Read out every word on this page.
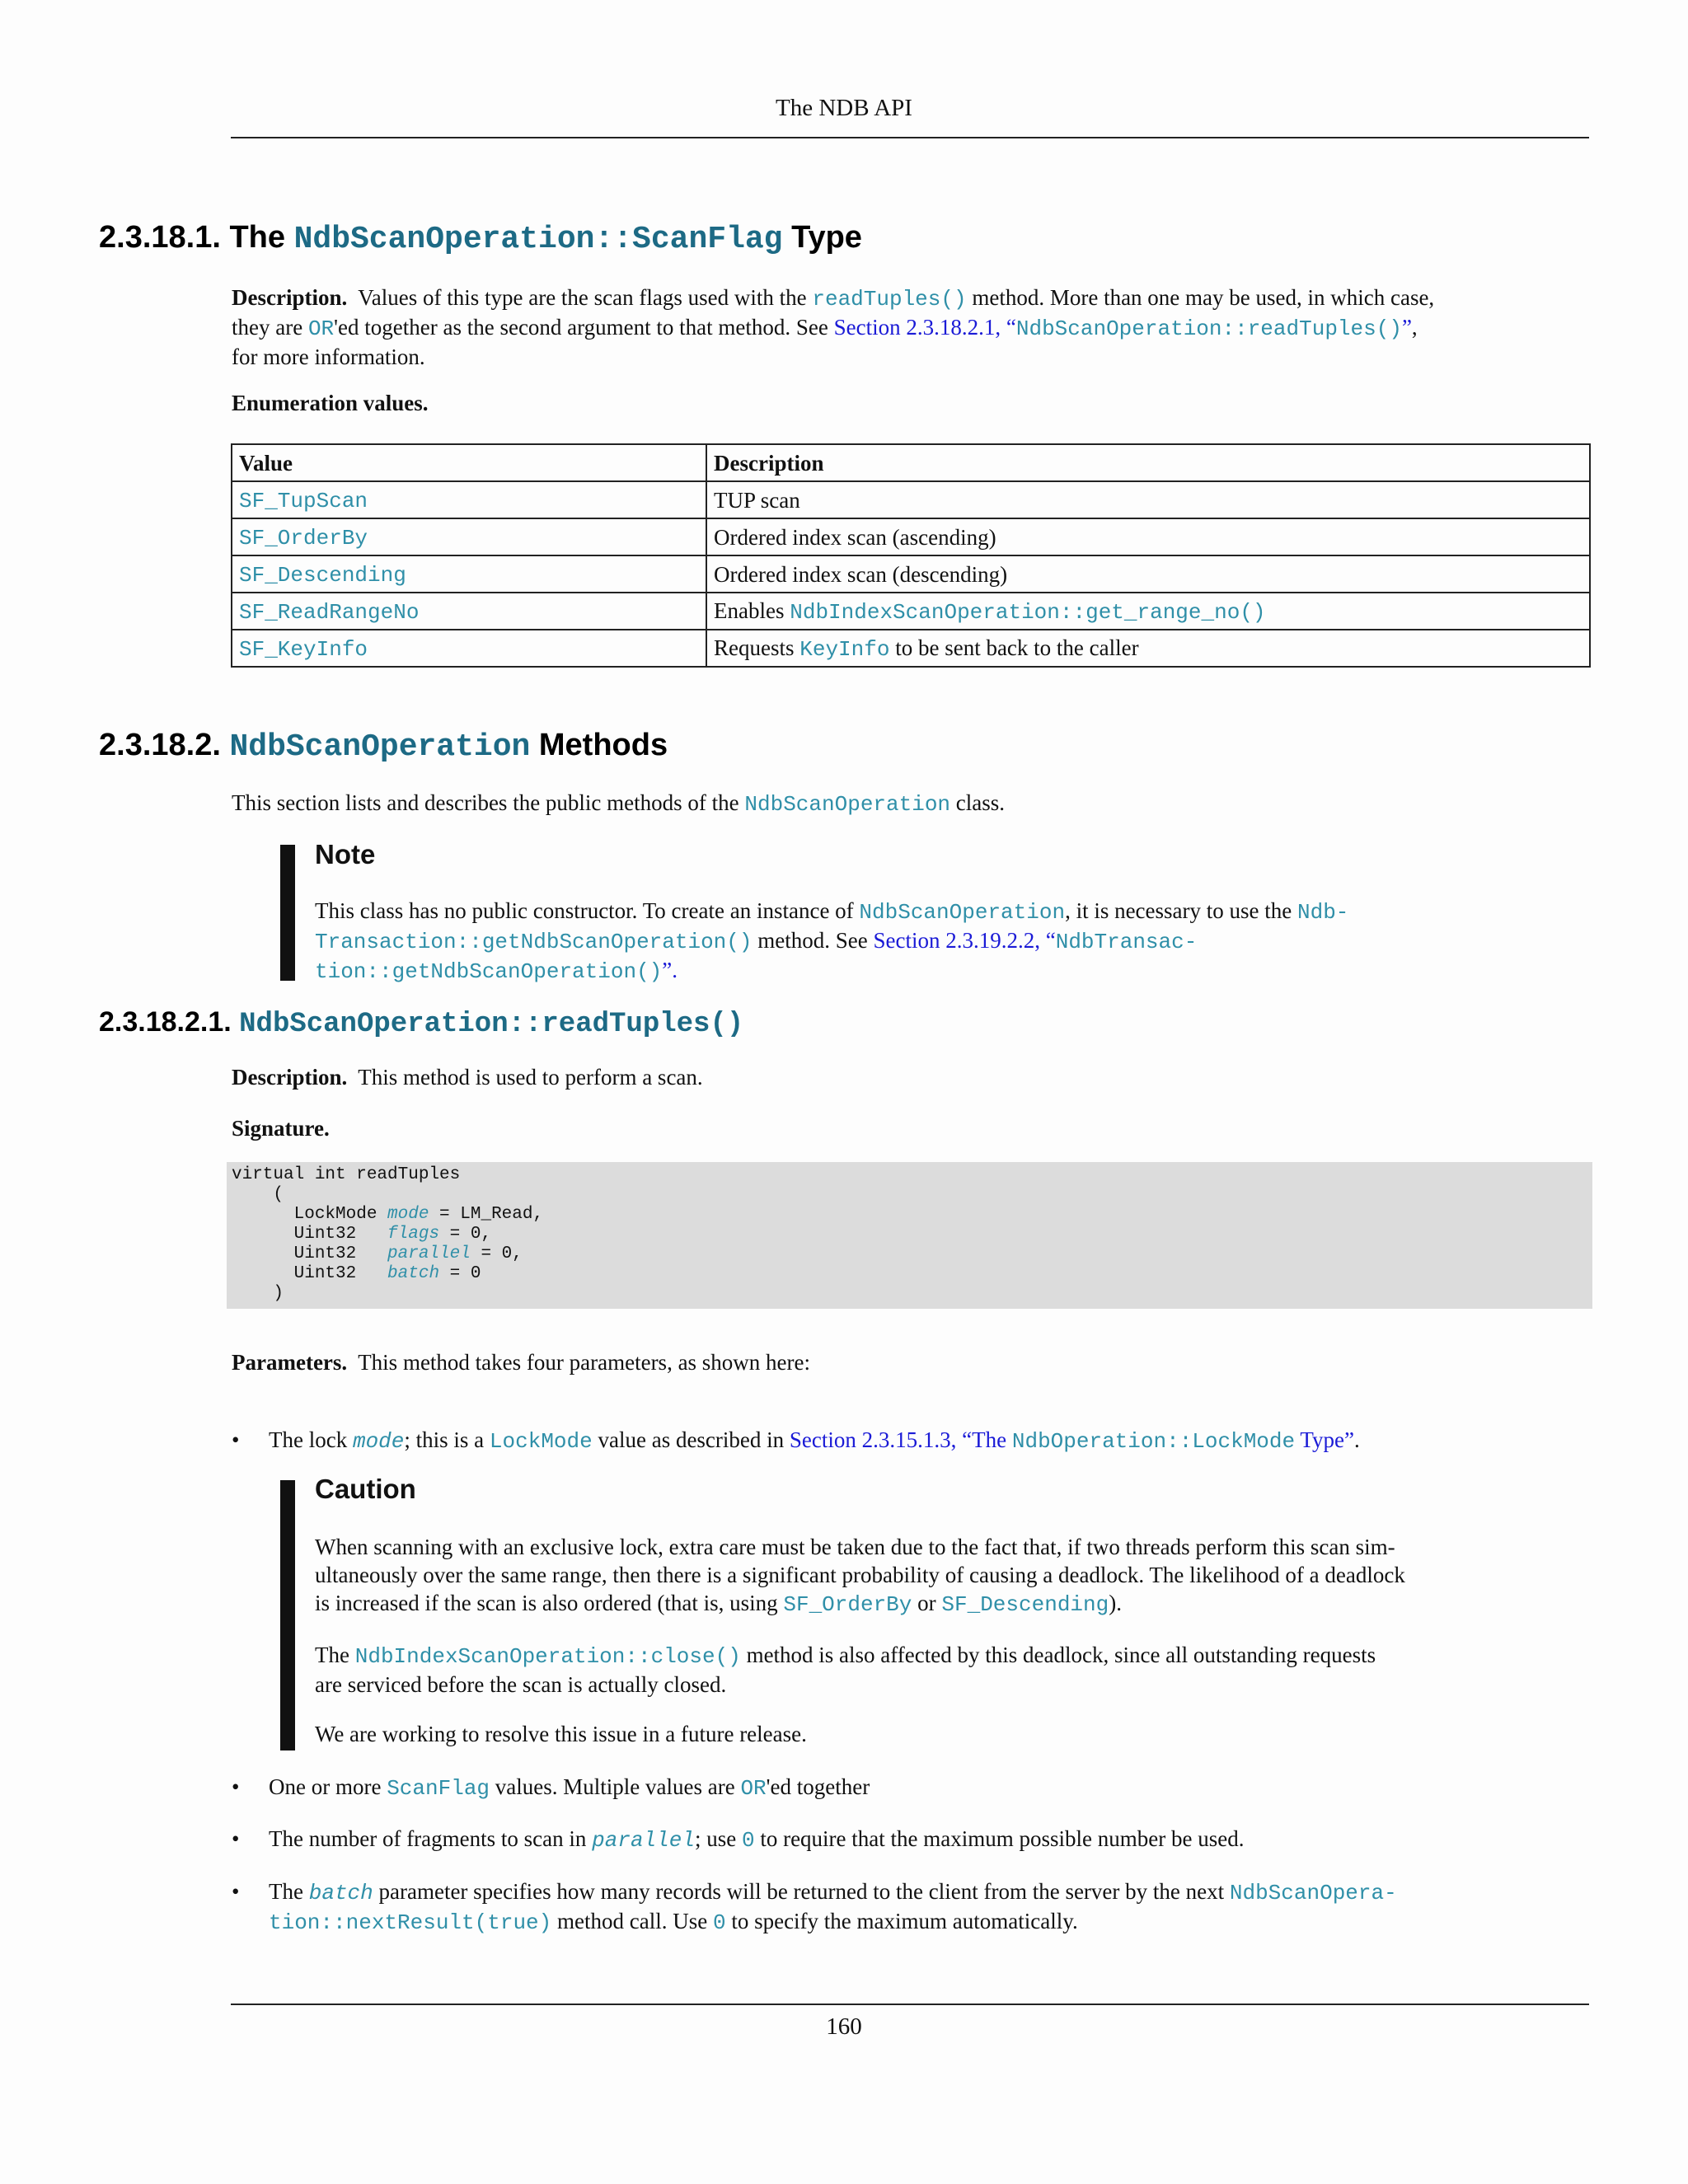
The NDB API
2.3.18.1. The NdbScanOperation::ScanFlag Type
Description. Values of this type are the scan flags used with the readTuples() method. More than one may be used, in which case,
they are OR'ed together as the second argument to that method. See Section 2.3.18.2.1, “NdbScanOperation::readTuples()”,
for more information.
Enumeration values.
Value	Description
SF_TupScan	TUP scan
SF_OrderBy	Ordered index scan (ascending)
SF_Descending	Ordered index scan (descending)
SF_ReadRangeNo	Enables NdbIndexScanOperation::get_range_no()
SF_KeyInfo	Requests KeyInfo to be sent back to the caller
2.3.18.2. NdbScanOperation Methods
This section lists and describes the public methods of the NdbScanOperation class.
Note
This class has no public constructor. To create an instance of NdbScanOperation, it is necessary to use the Ndb-
Transaction::getNdbScanOperation() method. See Section 2.3.19.2.2, “NdbTransac-
tion::getNdbScanOperation()”.
2.3.18.2.1. NdbScanOperation::readTuples()
Description. This method is used to perform a scan.
Signature.
virtual int readTuples
(
LockMode mode = LM_Read,
Uint32   flags = 0,
Uint32   parallel = 0,
Uint32   batch = 0
)
Parameters. This method takes four parameters, as shown here:
• The lock mode; this is a LockMode value as described in Section 2.3.15.1.3, “The NdbOperation::LockMode Type”.
Caution
When scanning with an exclusive lock, extra care must be taken due to the fact that, if two threads perform this scan sim-
ultaneously over the same range, then there is a significant probability of causing a deadlock. The likelihood of a deadlock
is increased if the scan is also ordered (that is, using SF_OrderBy or SF_Descending).
The NdbIndexScanOperation::close() method is also affected by this deadlock, since all outstanding requests
are serviced before the scan is actually closed.
We are working to resolve this issue in a future release.
• One or more ScanFlag values. Multiple values are OR'ed together
• The number of fragments to scan in parallel; use 0 to require that the maximum possible number be used.
• The batch parameter specifies how many records will be returned to the client from the server by the next NdbScanOpera-
tion::nextResult(true) method call. Use 0 to specify the maximum automatically.
160
